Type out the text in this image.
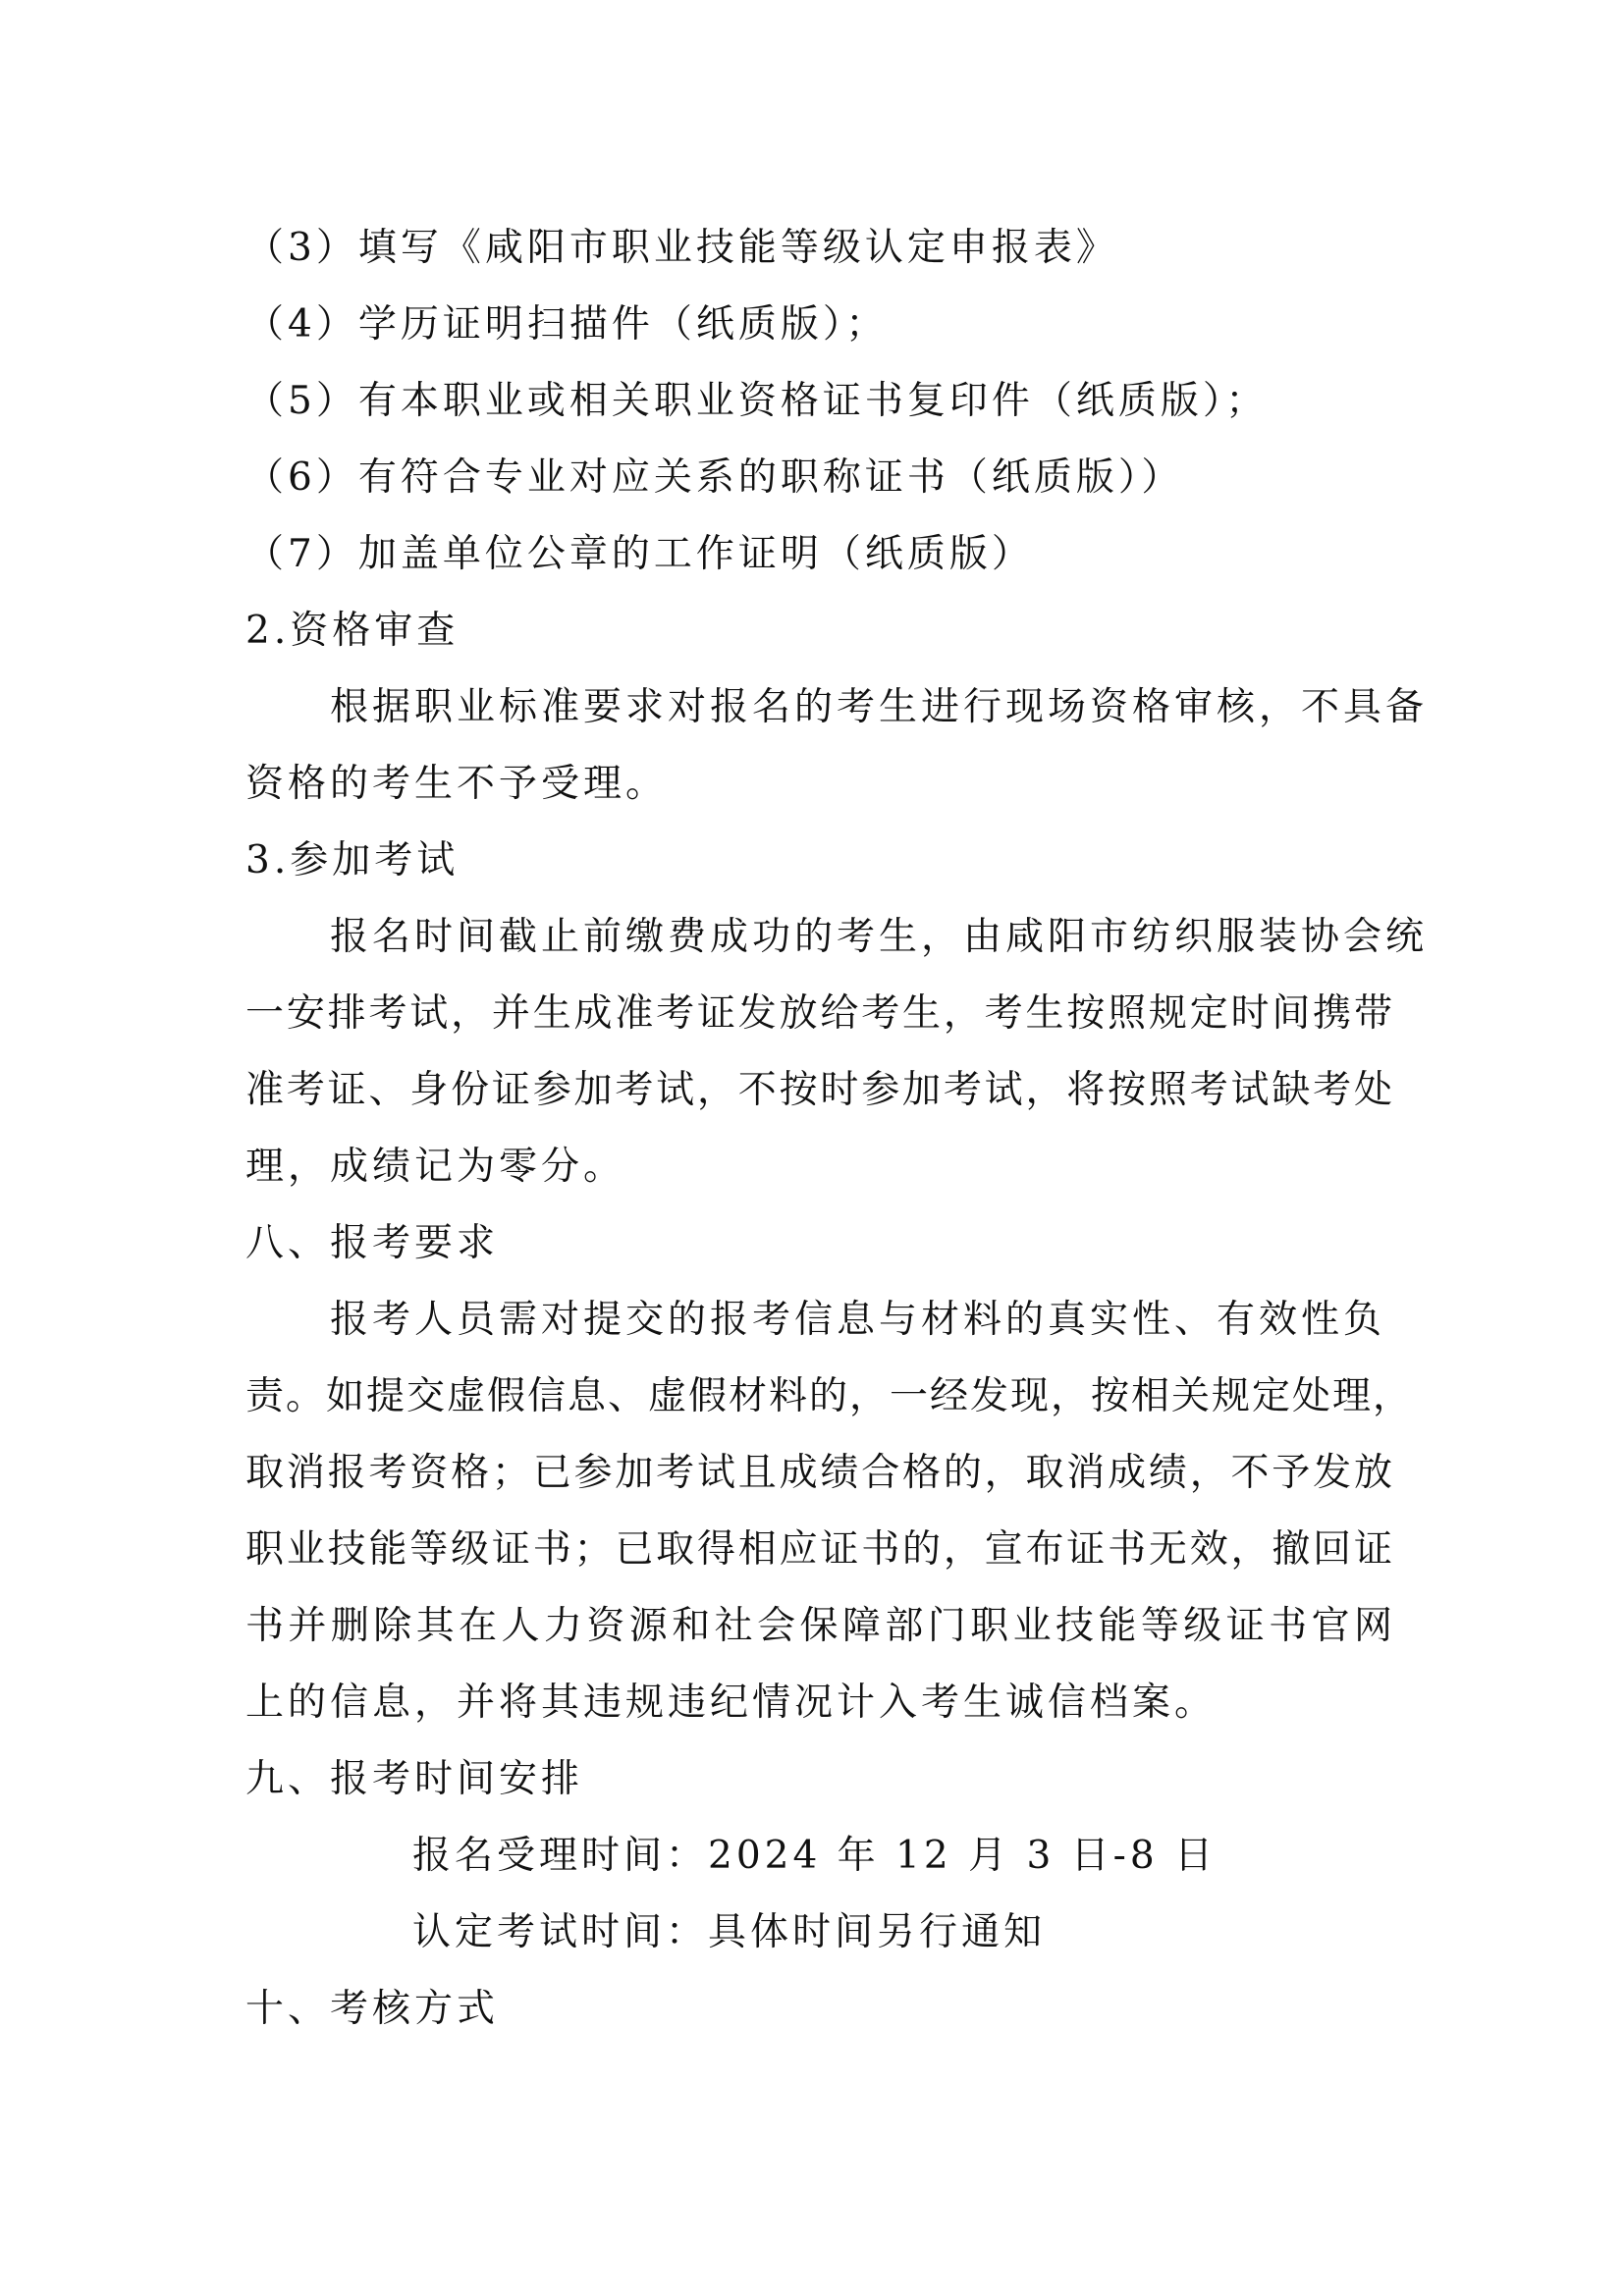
（3）填写《咸阳市职业技能等级认定申报表》
（4）学历证明扫描件（纸质版）；
（5）有本职业或相关职业资格证书复印件（纸质版）；
（6）有符合专业对应关系的职称证书（纸质版））
（7）加盖单位公章的工作证明（纸质版）
2.资格审查
根据职业标准要求对报名的考生进行现场资格审核，不具备
资格的考生不予受理。
3.参加考试
报名时间截止前缴费成功的考生，由咸阳市纺织服装协会统
一安排考试，并生成准考证发放给考生，考生按照规定时间携带
准考证、身份证参加考试，不按时参加考试，将按照考试缺考处
理，成绩记为零分。
八、报考要求
报考人员需对提交的报考信息与材料的真实性、有效性负
责。如提交虚假信息、虚假材料的，一经发现，按相关规定处理，
取消报考资格；已参加考试且成绩合格的，取消成绩，不予发放
职业技能等级证书；已取得相应证书的，宣布证书无效，撤回证
书并删除其在人力资源和社会保障部门职业技能等级证书官网
上的信息，并将其违规违纪情况计入考生诚信档案。
九、报考时间安排
报名受理时间：2024 年 12 月 3 日-8 日
认定考试时间：具体时间另行通知
十、考核方式
